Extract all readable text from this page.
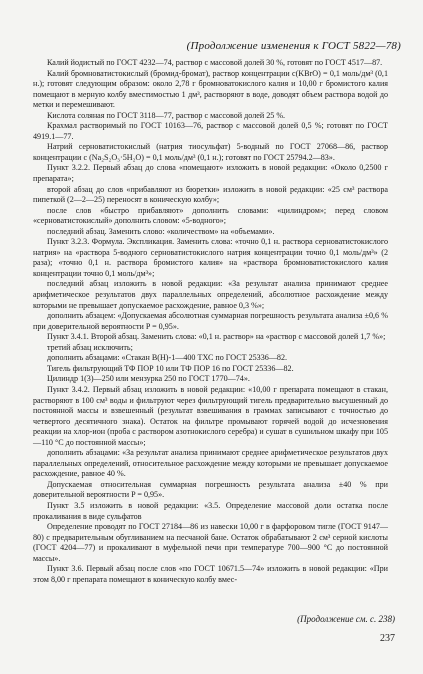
(Продолжение изменения к ГОСТ 5822—78)

Калий йодистый по ГОСТ 4232—74, раствор с массовой долей 30 %, готовят по ГОСТ 4517—87.

Калий бромноватистокислый (бромид-бромат), раствор концентрации c(KBrO) = 0,1 моль/дм³ (0,1 н.); готовят следующим образом: около 2,78 г бромноватокислого калия и 10,00 г бромистого калия помещают в мерную колбу вместимостью 1 дм³, растворяют в воде, доводят объем раствора водой до метки и перемешивают.

Кислота соляная по ГОСТ 3118—77, раствор с массовой долей 25 %.

Крахмал растворимый по ГОСТ 10163—76, раствор с массовой долей 0,5 %; готовят по ГОСТ 4919.1—77.

Натрий серноватистокислый (натрия тиосульфат) 5-водный по ГОСТ 27068—86, раствор концентрации с (Na₂S₂O₃·5H₂O) = 0,1 моль/дм³ (0,1 н.); готовят по ГОСТ 25794.2—83».

Пункт 3.2.2. Первый абзац до слова «помещают» изложить в новой редакции: «Около 0,2500 г препарата»;

второй абзац до слов «прибавляют из бюретки» изложить в новой редакции: «25 см³ раствора пипеткой (2—2—25) переносят в коническую колбу»;

после слов «быстро прибавляют» дополнить словами: «цилиндром»; перед словом «серноватистокислый» дополнить словом: «5-водного»;

последний абзац. Заменить слово: «количеством» на «объемами».

Пункт 3.2.3. Формула. Экспликация. Заменить слова: «точно 0,1 н. раствора серноватистокислого натрия» на «раствора 5-водного серноватистокислого натрия концентрации точно 0,1 моль/дм³» (2 раза); «точно 0,1 н. раствора бромистого калия» на «раствора бромноватистокислого калия концентрации точно 0,1 моль/дм³»;

последний абзац изложить в новой редакции: «За результат анализа принимают среднее арифметическое результатов двух параллельных определений, абсолютное расхождение между которыми не превышает допускаемое расхождение, равное 0,3 %»;

дополнить абзацем: «Допускаемая абсолютная суммарная погрешность результата анализа ±0,6 % при доверительной вероятности P = 0,95».

Пункт 3.4.1. Второй абзац. Заменить слова: «0,1 н. раствор» на «раствор с массовой долей 1,7 %»;

третий абзац исключить;

дополнить абзацами: «Стакан В(Н)-1—400 ТХС по ГОСТ 25336—82.

Тигель фильтрующий ТФ ПОР 10 или ТФ ПОР 16 по ГОСТ 25336—82.

Цилиндр 1(3)—250 или мензурка 250 по ГОСТ 1770—74».

Пункт 3.4.2. Первый абзац изложить в новой редакции: «10,00 г препарата помещают в стакан, растворяют в 100 см³ воды и фильтруют через фильтрующий тигель предварительно высушенный до постоянной массы и взвешенный (результат взвешивания в граммах записывают с точностью до четвертого десятичного знака). Остаток на фильтре промывают горячей водой до исчезновения реакции на хлор-ион (проба с раствором азотнокислого серебра) и сушат в сушильном шкафу при 105—110 °С до постоянной массы»;

дополнить абзацами: «За результат анализа принимают среднее арифметическое результатов двух параллельных определений, относительное расхождение между которыми не превышает допускаемое расхождение, равное 40 %.

Допускаемая относительная суммарная погрешность результата анализа ±40 % при доверительной вероятности P = 0,95».

Пункт 3.5 изложить в новой редакции: «3.5. Определение массовой доли остатка после прокаливания в виде сульфатов

Определение проводят по ГОСТ 27184—86 из навески 10,00 г в фарфоровом тигле (ГОСТ 9147—80) с предварительным обугливанием на песчаной бане. Остаток обрабатывают 2 см³ серной кислоты (ГОСТ 4204—77) и прокаливают в муфельной печи при температуре 700—900 °С до постоянной массы».

Пункт 3.6. Первый абзац после слов «по ГОСТ 10671.5—74» изложить в новой редакции: «При этом 8,00 г препарата помещают в коническую колбу вмес-

(Продолжение см. с. 238)
237
